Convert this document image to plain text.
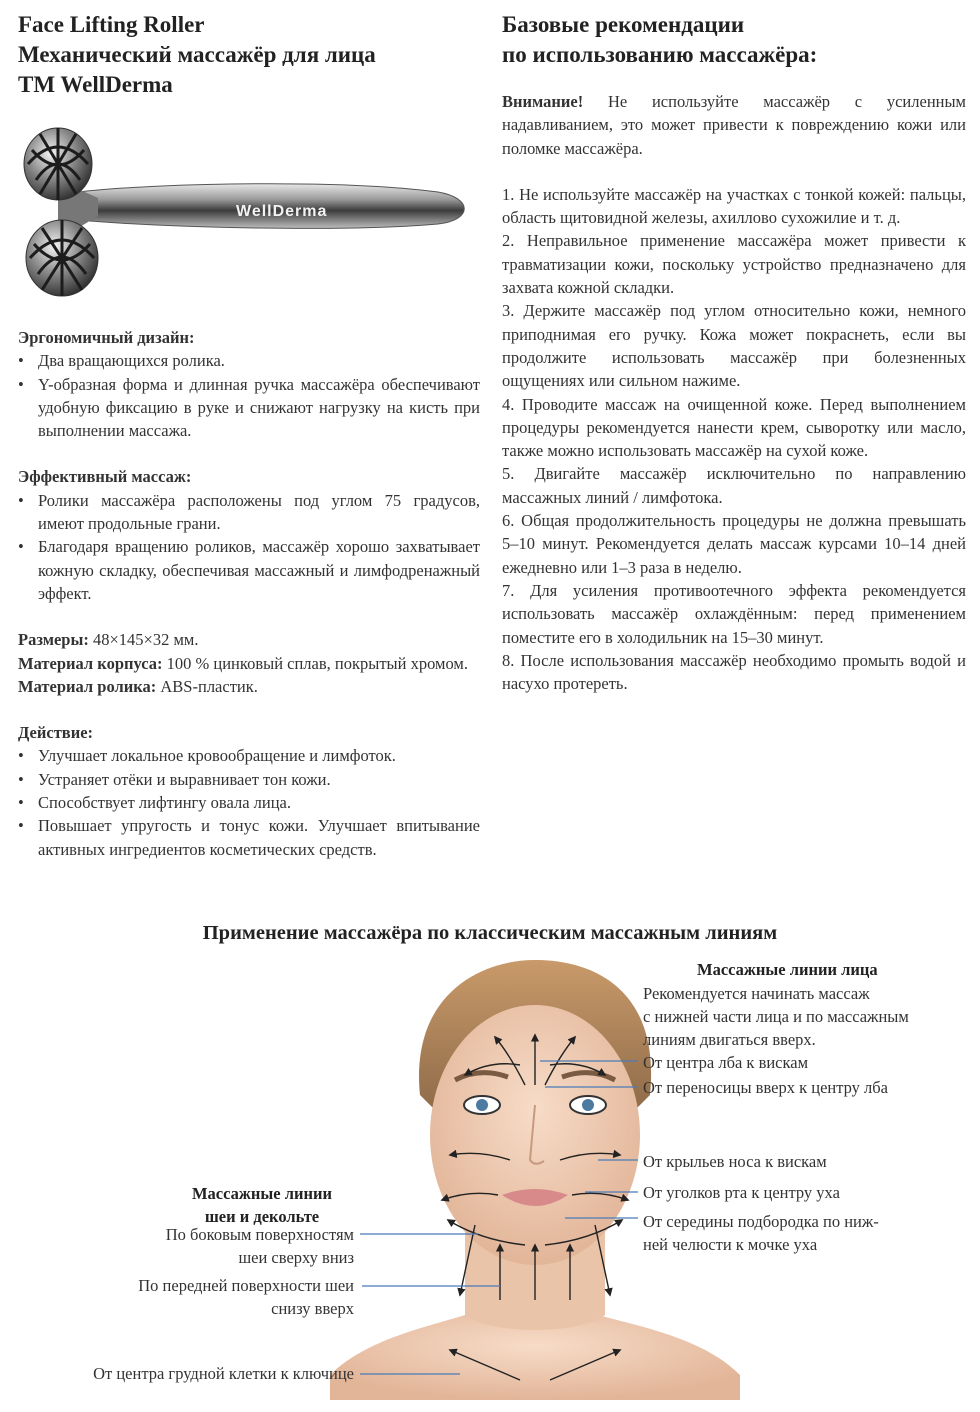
Face Lifting Roller
Механический массажёр для лица
TM WellDerma
WellDerma

Эргономичный дизайн:

• Два вращающихся ролика.

• Y-образная форма и длинная ручка массажёра обеспечивают удобную фиксацию в руке и снижают нагрузку на кисть при выполнении массажа.

Эффективный массаж:

• Ролики массажёра расположены под углом 75 градусов, имеют продольные грани.

• Благодаря вращению роликов, массажёр хорошо захватывает кожную складку, обеспечивая массажный и лимфодренажный эффект.

Размеры: 48×145×32 мм.

Материал корпуса: 100 % цинковый сплав, покрытый хромом.

Материал ролика: ABS-пластик.

Действие:

• Улучшает локальное кровообращение и лимфоток.

• Устраняет отёки и выравнивает тон кожи.

• Способствует лифтингу овала лица.

• Повышает упругость и тонус кожи. Улучшает впитывание активных ингредиентов косметических средств.

Базовые рекомендации
по использованию массажёра:

Внимание! Не используйте массажёр с усиленным надавливанием, это может привести к повреждению кожи или поломке массажёра.

1. Не используйте массажёр на участках с тонкой кожей: пальцы, область щитовидной железы, ахиллово сухожилие и т. д.

2. Неправильное применение массажёра может привести к травматизации кожи, поскольку устройство предназначено для захвата кожной складки.

3. Держите массажёр под углом относительно кожи, немного приподнимая его ручку. Кожа может покраснеть, если вы продолжите использовать массажёр при болезненных ощущениях или сильном нажиме.

4. Проводите массаж на очищенной коже. Перед выполнением процедуры рекомендуется нанести крем, сыворотку или масло, также можно использовать массажёр на сухой коже.

5. Двигайте массажёр исключительно по направлению массажных линий / лимфотока.

6. Общая продолжительность процедуры не должна превышать 5–10 минут. Рекомендуется делать массаж курсами 10–14 дней ежедневно или 1–3 раза в неделю.

7. Для усиления противоотечного эффекта рекомендуется использовать массажёр охлаждённым: перед применением поместите его в холодильник на 15–30 минут.

8. После использования массажёр необходимо промыть водой и насухо протереть.

Применение массажёра по классическим массажным линиям
Массажные линии лица
Рекомендуется начинать массаж
с нижней части лица и по массажным
линиям двигаться вверх.
От центра лба к вискам
От переносицы вверх к центру лба
От крыльев носа к вискам
От уголков рта к центру уха
От середины подбородка по ниж-
ней челюсти к мочке уха
Массажные линии
шеи и декольте
По боковым поверхностям
шеи сверху вниз
По передней поверхности шеи
снизу вверх
От центра грудной клетки к ключице
